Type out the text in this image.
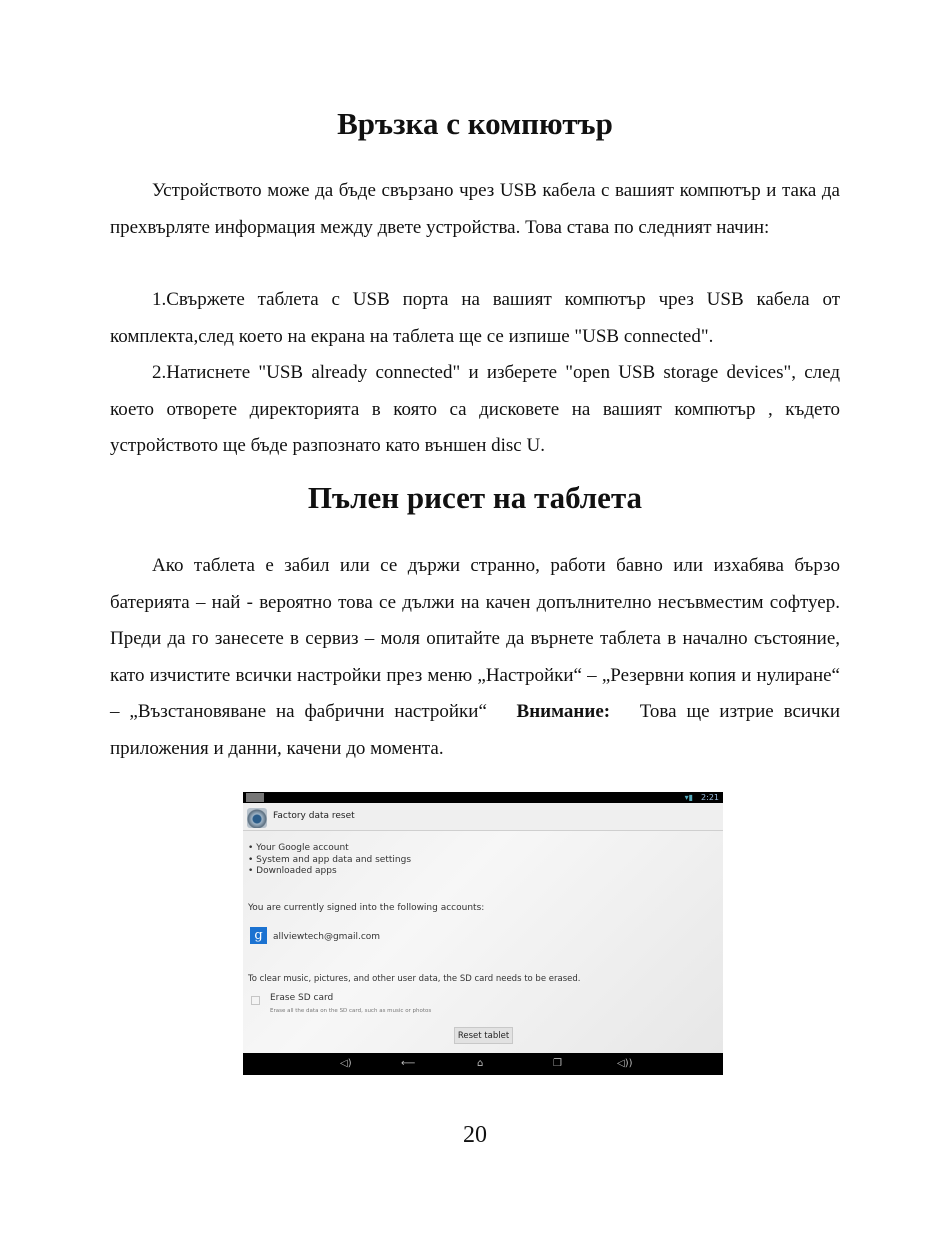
Връзка с компютър

Устройството може да бъде свързано чрез USB кабела с вашият компютър и така да прехвърляте информация между двете устройства. Това става по следният начин:

1.Свържете таблета с USB порта на вашият компютър чрез USB кабела от комплекта,след което на екрана на таблета ще се изпише "USB connected".

2.Натиснете "USB already connected" и изберете "open USB storage devices", след което отворете директорията в която са дисковете на вашият компютър , където устройството ще бъде разпознато като външен disc U.

Пълен рисет на таблета

Ако таблета е забил или се държи странно, работи бавно или изхабява бързо батерията – най - вероятно това се дължи на качен допълнително несъвместим софтуер. Преди да го занесете в сервиз – моля опитайте да върнете таблета в начално състояние, като изчистите всички настройки през меню „Настройки“ – „Резервни копия и нулиране“ – „Възстановяване на фабрични настройки“ Внимание: Това ще изтрие всички приложения и данни, качени до момента.

▾▮ 2:21
Factory data reset
• Your Google account
• System and app data and settings
• Downloaded apps
You are currently signed into the following accounts:
g	allviewtech@gmail.com
To clear music, pictures, and other user data, the SD card needs to be erased.
Erase SD card
Erase all the data on the SD card, such as music or photos
Reset tablet
◁)	⟵	⌂	❐	◁))
20
